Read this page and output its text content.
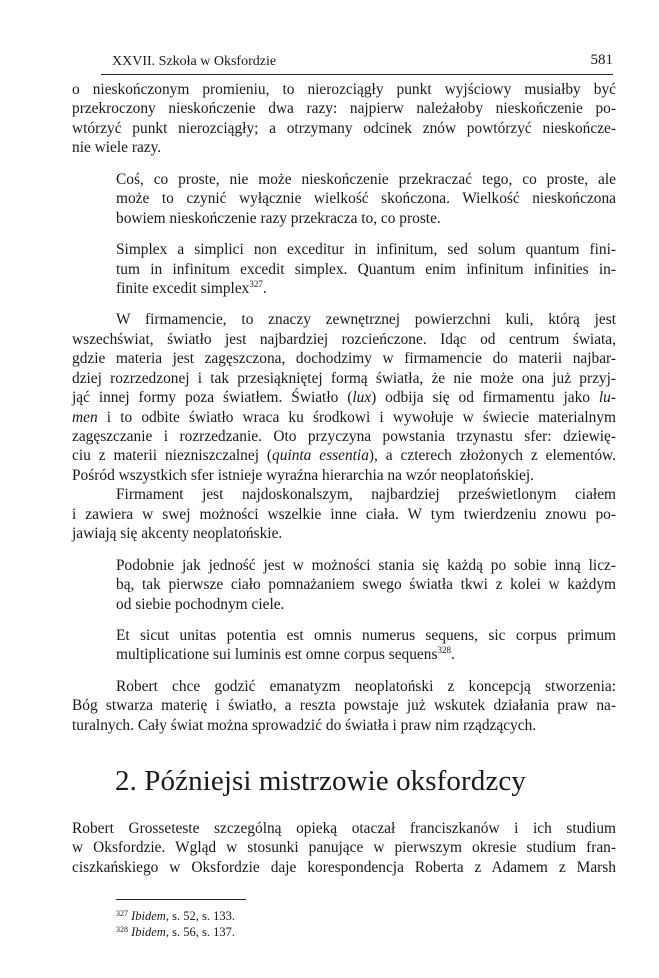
XXVII. Szkoła w Oksfordzie	581
o nieskończonym promieniu, to nierozciągły punkt wyjściowy musiałby być
przekroczony nieskończenie dwa razy: najpierw należałoby nieskończenie po-
wtórzyć punkt nierozciągły; a otrzymany odcinek znów powtórzyć nieskończe-
nie wiele razy.
Coś, co proste, nie może nieskończenie przekraczać tego, co proste, ale
może to czynić wyłącznie wielkość skończona. Wielkość nieskończona
bowiem nieskończenie razy przekracza to, co proste.
Simplex a simplici non exceditur in infinitum, sed solum quantum fini-
tum in infinitum excedit simplex. Quantum enim infinitum infinities in-
finite excedit simplex$^{327}$.
W firmamencie, to znaczy zewnętrznej powierzchni kuli, którą jest
wszechświat, światło jest najbardziej rozcieńczone. Idąc od centrum świata,
gdzie materia jest zagęszczona, dochodzimy w firmamencie do materii najbar-
dziej rozrzedzonej i tak przesiąkniętej formą światła, że nie może ona już przyj-
jąć innej formy poza światłem. Światło (lux) odbija się od firmamentu jako lu-
men i to odbite światło wraca ku środkowi i wywołuje w świecie materialnym
zagęszczanie i rozrzedzanie. Oto przyczyna powstania trzynastu sfer: dziewię-
ciu z materii niezniszczalnej (quinta essentia), a czterech złożonych z elementów.
Pośród wszystkich sfer istnieje wyraźna hierarchia na wzór neoplatońskiej.
Firmament jest najdoskonalszym, najbardziej prześwietlonym ciałem
i zawiera w swej możności wszelkie inne ciała. W tym twierdzeniu znowu po-
jawiają się akcenty neoplatońskie.
Podobnie jak jedność jest w możności stania się każdą po sobie inną licz-
bą, tak pierwsze ciało pomnażaniem swego światła tkwi z kolei w każdym
od siebie pochodnym ciele.
Et sicut unitas potentia est omnis numerus sequens, sic corpus primum
multiplicatione sui luminis est omne corpus sequens$^{328}$.
Robert chce godzić emanatyzm neoplatoński z koncepcją stworzenia:
Bóg stwarza materię i światło, a reszta powstaje już wskutek działania praw na-
turalnych. Cały świat można sprowadzić do światła i praw nim rządzących.
2. Późniejsi mistrzowie oksfordzcy
Robert Grosseteste szczególną opieką otaczał franciszkanów i ich studium
w Oksfordzie. Wgląd w stosunki panujące w pierwszym okresie studium fran-
ciszkańskiego w Oksfordzie daje korespondencja Roberta z Adamem z Marsh
$^{327}$ Ibidem, s. 52, s. 133.
$^{328}$ Ibidem, s. 56, s. 137.
